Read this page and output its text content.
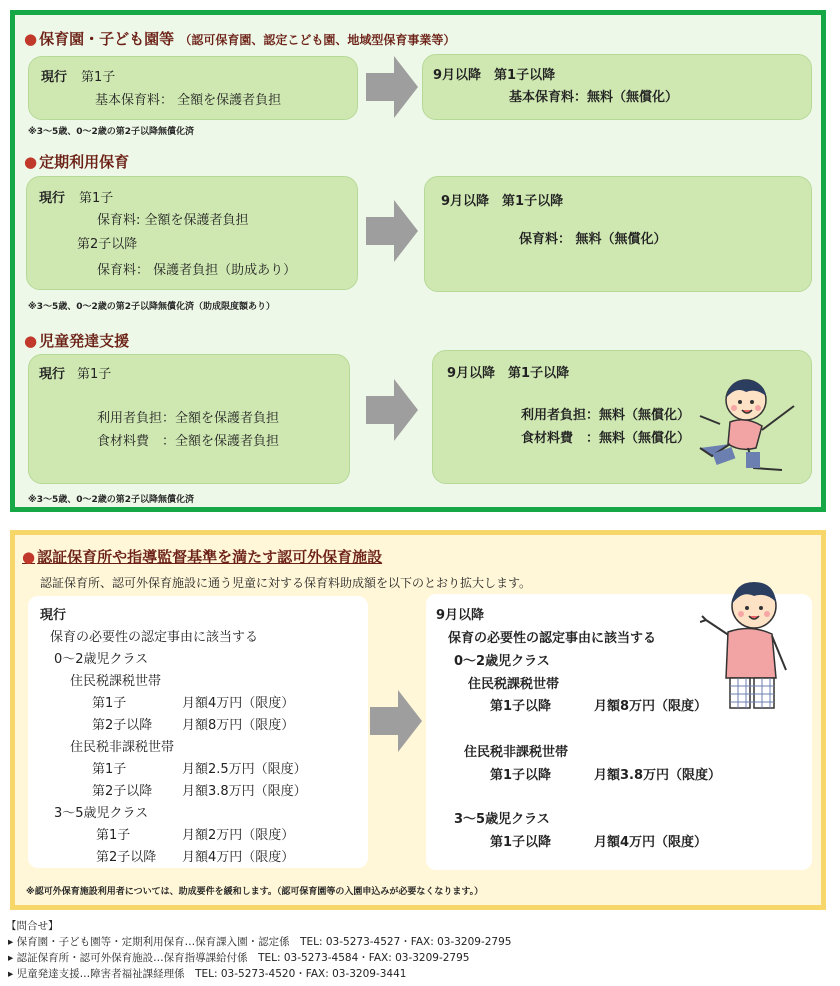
● 保育園・子ども園等 （認可保育園、認定こども園、地域型保育事業等）
現行 第1子
基本保育料： 全額を保護者負担
9月以降　第1子以降
基本保育料：無料（無償化）
※3～5歳、0～2歳の第2子以降無償化済
● 定期利用保育
現行 第1子
保育料: 全額を保護者負担
第2子以降
保育料： 保護者負担（助成あり）
9月以降　第1子以降
保育料： 無料（無償化）
※3～5歳、0～2歳の第2子以降無償化済（助成限度額あり）
● 児童発達支援
現行 第1子
利用者負担：全額を保護者負担
食材料費　：全額を保護者負担
9月以降　第1子以降
利用者負担：無料（無償化）
食材料費　：無料（無償化）
※3～5歳、0～2歳の第2子以降無償化済
● 認証保育所や指導監督基準を満たす認可外保育施設
認証保育所、認可外保育施設に通う児童に対する保育料助成額を以下のとおり拡大します。
現行
保育の必要性の認定事由に該当する
0～2歳児クラス
住民税課税世帯
第1子	月額4万円（限度）
第2子以降 月額8万円（限度）
住民税非課税世帯
第1子	月額2.5万円（限度）
第2子以降 月額3.8万円（限度）
3～5歳児クラス
第1子	月額2万円（限度）
第2子以降 月額4万円（限度）
9月以降
保育の必要性の認定事由に該当する
0～2歳児クラス
住民税課税世帯
第1子以降	月額8万円（限度）
住民税非課税世帯
第1子以降	月額3.8万円（限度）
3～5歳児クラス
第1子以降	月額4万円（限度）
※認可外保育施設利用者については、助成要件を緩和します。（認可保育園等の入園申込みが必要なくなります。）
【問合せ】
▸ 保育園・子ども園等・定期利用保育…保育課入園・認定係　TEL: 03-5273-4527・FAX: 03-3209-2795
▸ 認証保育所・認可外保育施設…保育指導課給付係　TEL: 03-5273-4584・FAX: 03-3209-2795
▸ 児童発達支援…障害者福祉課経理係　TEL: 03-5273-4520・FAX: 03-3209-3441
